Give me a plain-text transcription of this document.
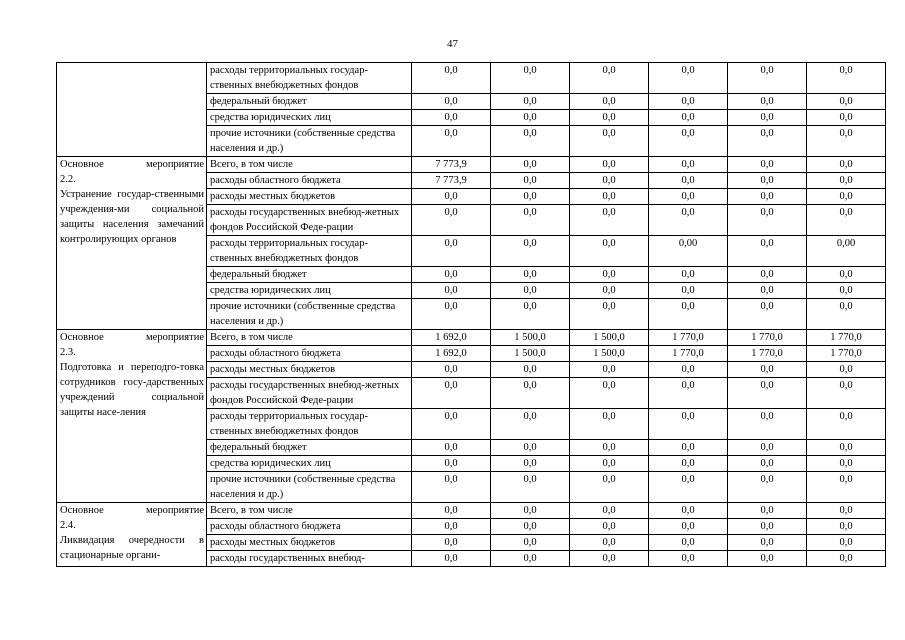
47
	расходы территориальных государ-ственных внебюджетных фондов	0,0	0,0	0,0	0,0	0,0	0,0
	федеральный бюджет	0,0	0,0	0,0	0,0	0,0	0,0
	средства юридических лиц	0,0	0,0	0,0	0,0	0,0	0,0
	прочие источники (собственные средства населения и др.)	0,0	0,0	0,0	0,0	0,0	0,0

Основное мероприятие
2.2.
Устранение государ-ственными учреждения-ми социальной защиты населения замечаний контролирующих органов	Всего, в том числе	7 773,9	0,0	0,0	0,0	0,0	0,0
	расходы областного бюджета	7 773,9	0,0	0,0	0,0	0,0	0,0
	расходы местных бюджетов	0,0	0,0	0,0	0,0	0,0	0,0
	расходы государственных внебюд-жетных фондов Российской Феде-рации	0,0	0,0	0,0	0,0	0,0	0,0
	расходы территориальных государ-ственных внебюджетных фондов	0,0	0,0	0,0	0,00	0,0	0,00
	федеральный бюджет	0,0	0,0	0,0	0,0	0,0	0,0
	средства юридических лиц	0,0	0,0	0,0	0,0	0,0	0,0
	прочие источники (собственные средства населения и др.)	0,0	0,0	0,0	0,0	0,0	0,0

Основное мероприятие
2.3.
Подготовка и переподго-товка сотрудников госу-дарственных учреждений социальной защиты насе-ления	Всего, в том числе	1 692,0	1 500,0	1 500,0	1 770,0	1 770,0	1 770,0
	расходы областного бюджета	1 692,0	1 500,0	1 500,0	1 770,0	1 770,0	1 770,0
	расходы местных бюджетов	0,0	0,0	0,0	0,0	0,0	0,0
	расходы государственных внебюд-жетных фондов Российской Феде-рации	0,0	0,0	0,0	0,0	0,0	0,0
	расходы территориальных государ-ственных внебюджетных фондов	0,0	0,0	0,0	0,0	0,0	0,0
	федеральный бюджет	0,0	0,0	0,0	0,0	0,0	0,0
	средства юридических лиц	0,0	0,0	0,0	0,0	0,0	0,0
	прочие источники (собственные средства населения и др.)	0,0	0,0	0,0	0,0	0,0	0,0

Основное мероприятие
2.4.
Ликвидация очередности в стационарные органи-	Всего, в том числе	0,0	0,0	0,0	0,0	0,0	0,0
	расходы областного бюджета	0,0	0,0	0,0	0,0	0,0	0,0
	расходы местных бюджетов	0,0	0,0	0,0	0,0	0,0	0,0
	расходы государственных внебюд-	0,0	0,0	0,0	0,0	0,0	0,0
